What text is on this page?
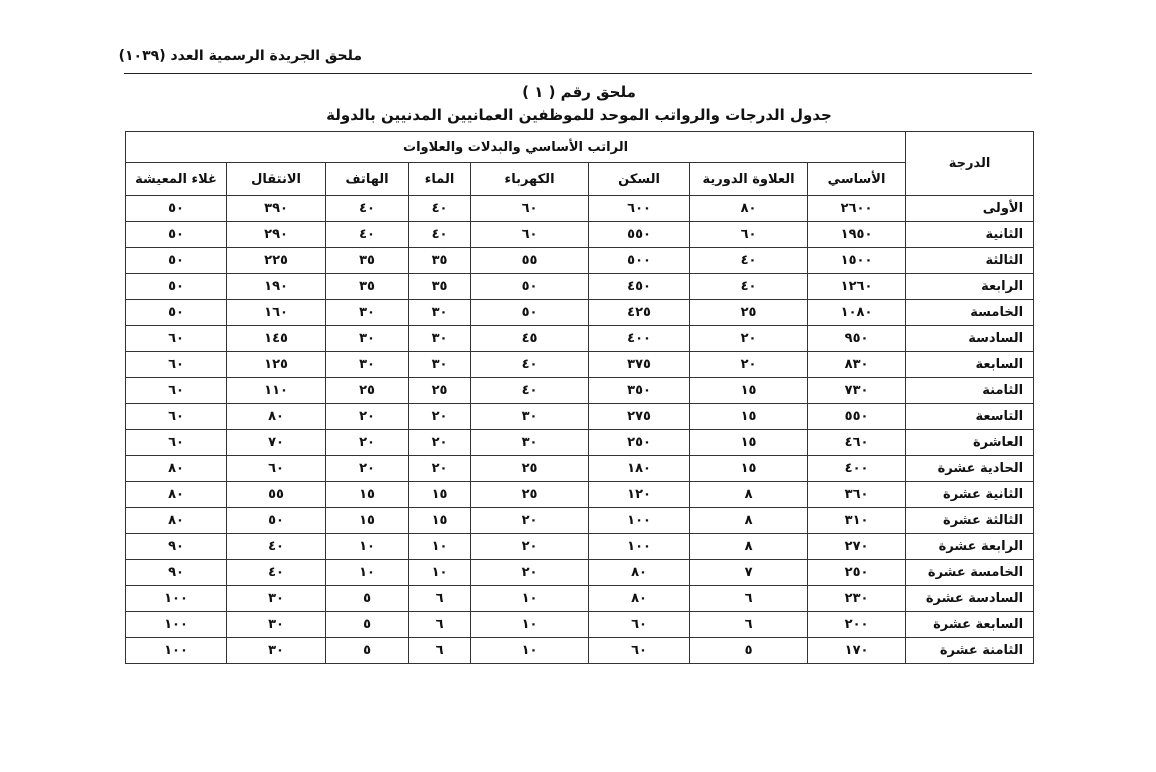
ملحق الجريدة الرسمية العدد (١٠٣٩)
ملحق رقم ( ١ )
جدول الدرجات والرواتب الموحد للموظفين العمانيين المدنيين بالدولة
الدرجة	الراتب الأساسي والبدلات والعلاوات							
	الأساسي	العلاوة الدورية	السكن	الكهرباء	الماء	الهاتف	الانتقال	غلاء المعيشة
الأولى	٢٦٠٠	٨٠	٦٠٠	٦٠	٤٠	٤٠	٣٩٠	٥٠
الثانية	١٩٥٠	٦٠	٥٥٠	٦٠	٤٠	٤٠	٢٩٠	٥٠
الثالثة	١٥٠٠	٤٠	٥٠٠	٥٥	٣٥	٣٥	٢٢٥	٥٠
الرابعة	١٢٦٠	٤٠	٤٥٠	٥٠	٣٥	٣٥	١٩٠	٥٠
الخامسة	١٠٨٠	٢٥	٤٢٥	٥٠	٣٠	٣٠	١٦٠	٥٠
السادسة	٩٥٠	٢٠	٤٠٠	٤٥	٣٠	٣٠	١٤٥	٦٠
السابعة	٨٣٠	٢٠	٣٧٥	٤٠	٣٠	٣٠	١٢٥	٦٠
الثامنة	٧٣٠	١٥	٣٥٠	٤٠	٢٥	٢٥	١١٠	٦٠
التاسعة	٥٥٠	١٥	٢٧٥	٣٠	٢٠	٢٠	٨٠	٦٠
العاشرة	٤٦٠	١٥	٢٥٠	٣٠	٢٠	٢٠	٧٠	٦٠
الحادية عشرة	٤٠٠	١٥	١٨٠	٢٥	٢٠	٢٠	٦٠	٨٠
الثانية عشرة	٣٦٠	٨	١٢٠	٢٥	١٥	١٥	٥٥	٨٠
الثالثة عشرة	٣١٠	٨	١٠٠	٢٠	١٥	١٥	٥٠	٨٠
الرابعة عشرة	٢٧٠	٨	١٠٠	٢٠	١٠	١٠	٤٠	٩٠
الخامسة عشرة	٢٥٠	٧	٨٠	٢٠	١٠	١٠	٤٠	٩٠
السادسة عشرة	٢٣٠	٦	٨٠	١٠	٦	٥	٣٠	١٠٠
السابعة عشرة	٢٠٠	٦	٦٠	١٠	٦	٥	٣٠	١٠٠
الثامنة عشرة	١٧٠	٥	٦٠	١٠	٦	٥	٣٠	١٠٠
